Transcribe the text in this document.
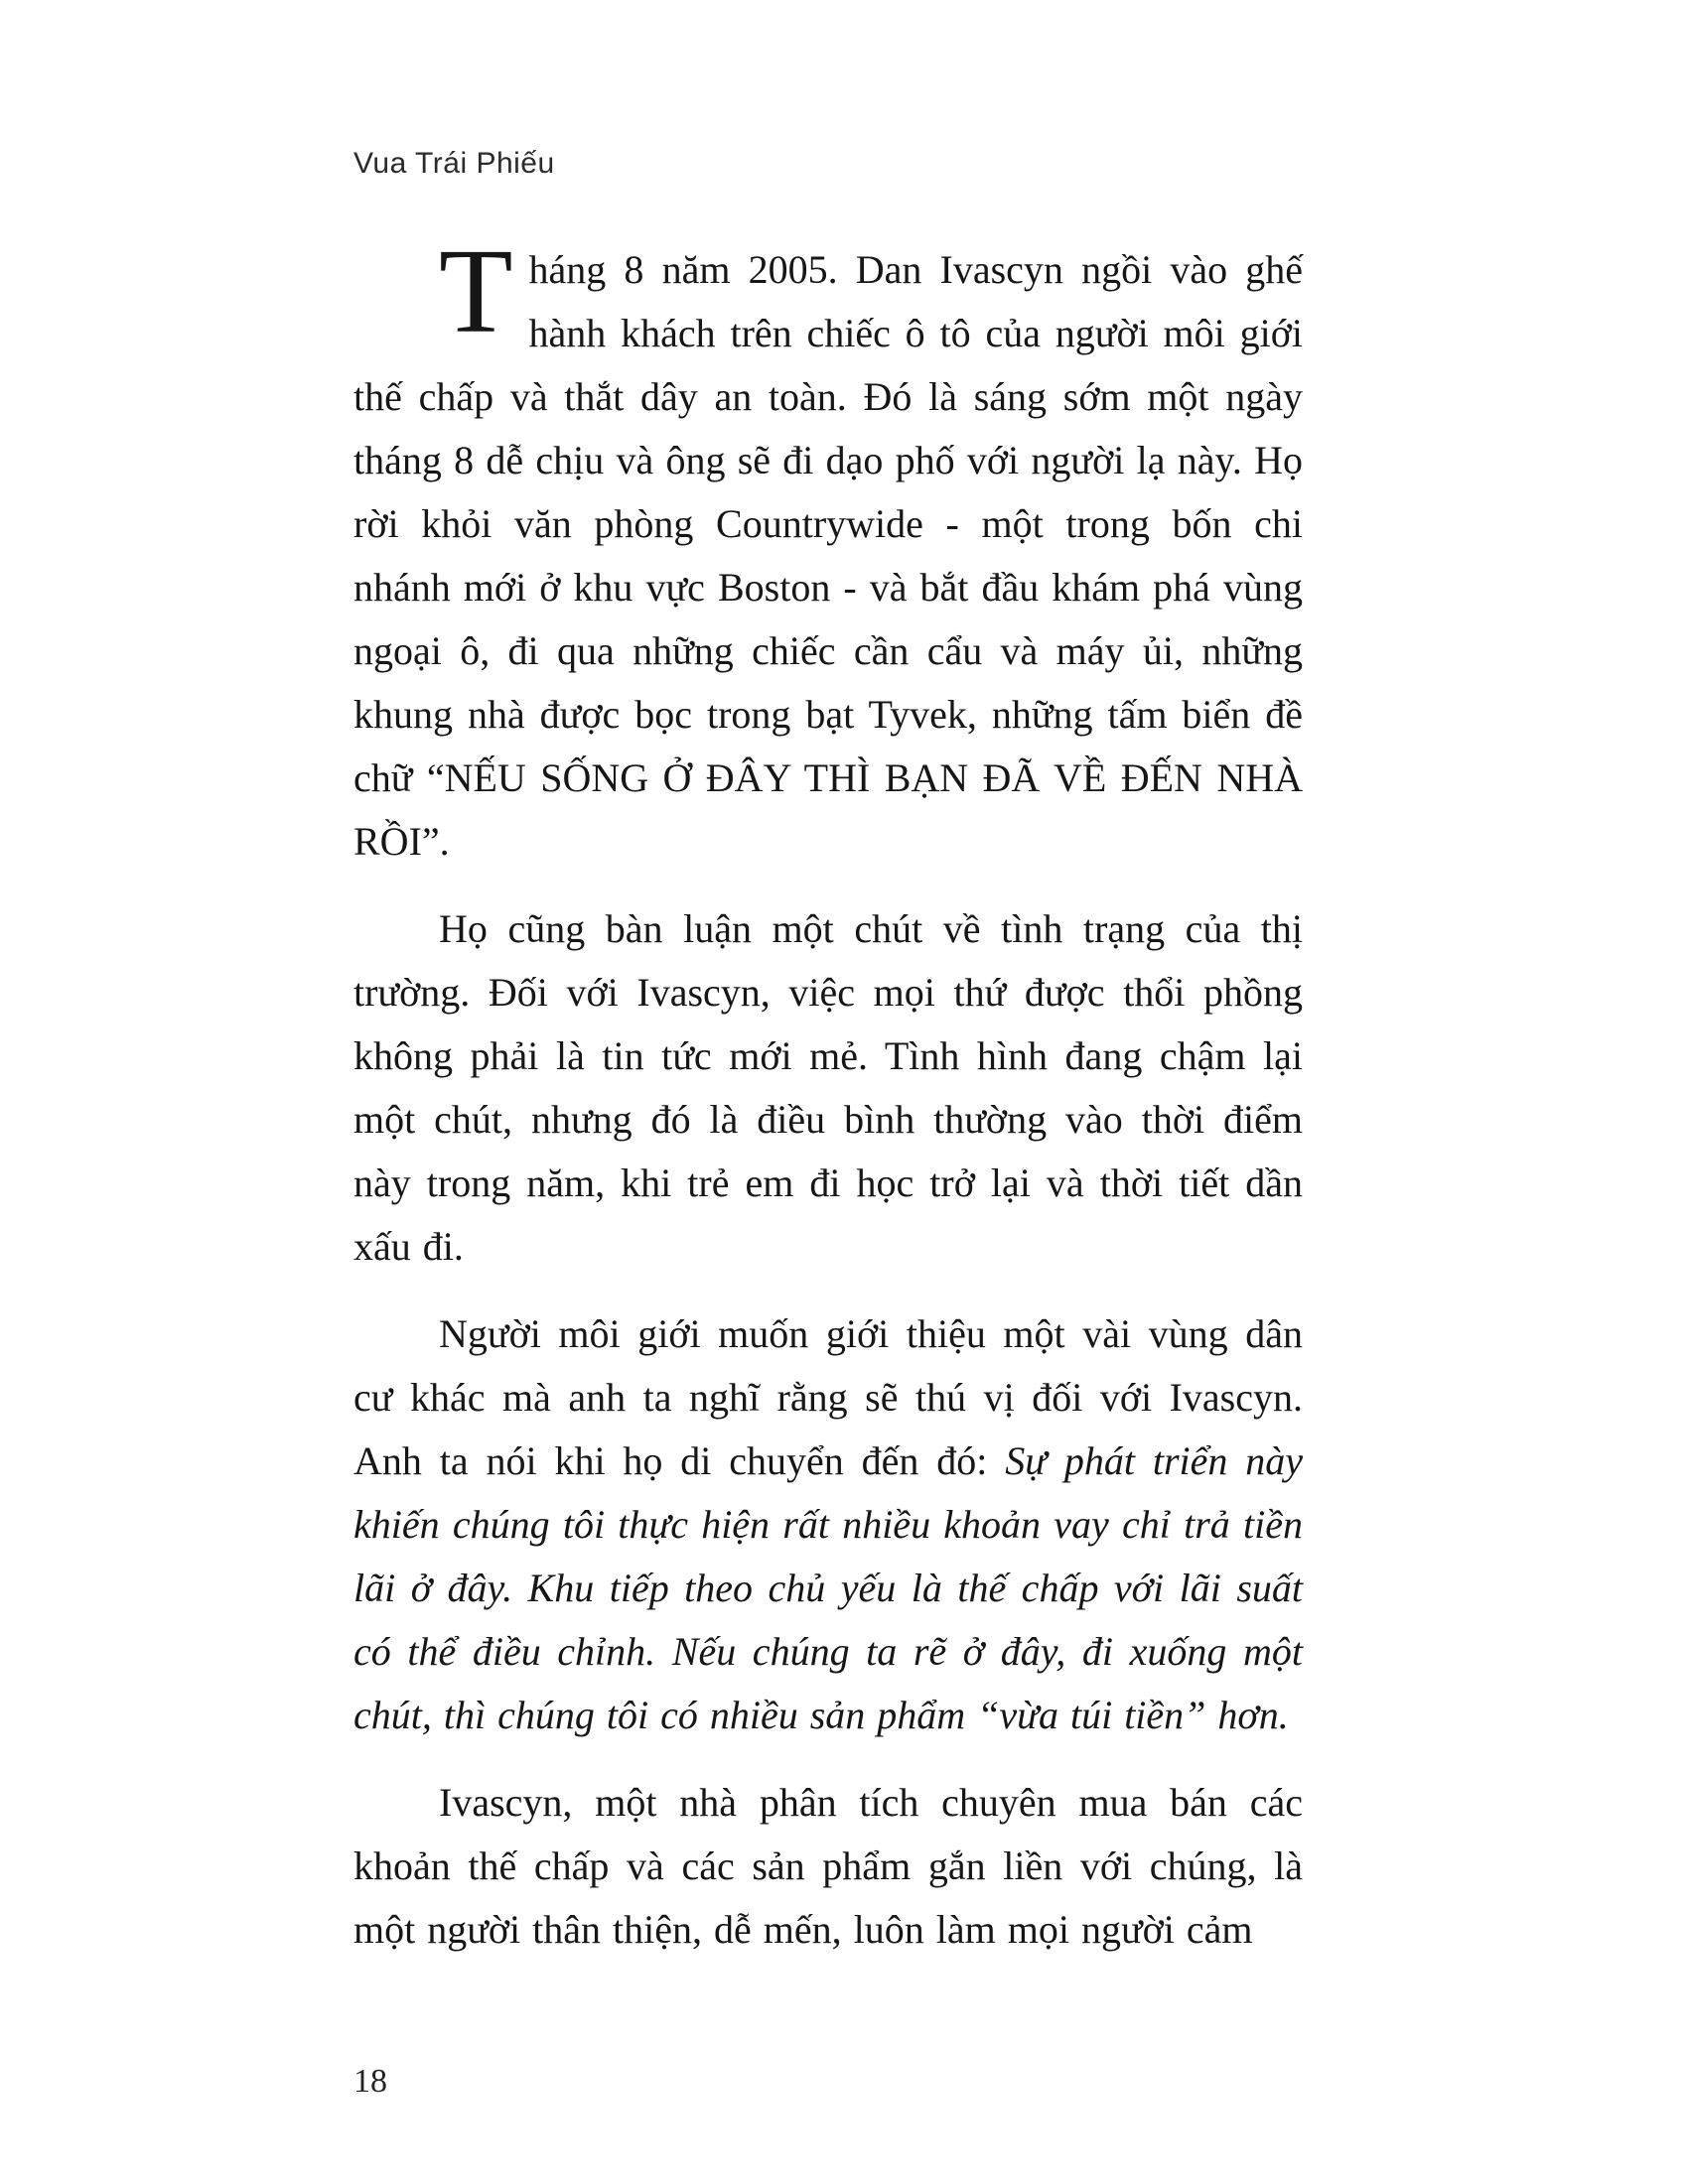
Vua Trái Phiếu

Tháng 8 năm 2005. Dan Ivascyn ngồi vào ghế hành khách trên chiếc ô tô của người môi giới thế chấp và thắt dây an toàn. Đó là sáng sớm một ngày tháng 8 dễ chịu và ông sẽ đi dạo phố với người lạ này. Họ rời khỏi văn phòng Countrywide - một trong bốn chi nhánh mới ở khu vực Boston - và bắt đầu khám phá vùng ngoại ô, đi qua những chiếc cần cẩu và máy ủi, những khung nhà được bọc trong bạt Tyvek, những tấm biển đề chữ “NẾU SỐNG Ở ĐÂY THÌ BẠN ĐÃ VỀ ĐẾN NHÀ RỒI”.

Họ cũng bàn luận một chút về tình trạng của thị trường. Đối với Ivascyn, việc mọi thứ được thổi phồng không phải là tin tức mới mẻ. Tình hình đang chậm lại một chút, nhưng đó là điều bình thường vào thời điểm này trong năm, khi trẻ em đi học trở lại và thời tiết dần xấu đi.

Người môi giới muốn giới thiệu một vài vùng dân cư khác mà anh ta nghĩ rằng sẽ thú vị đối với Ivascyn. Anh ta nói khi họ di chuyển đến đó: Sự phát triển này khiến chúng tôi thực hiện rất nhiều khoản vay chỉ trả tiền lãi ở đây. Khu tiếp theo chủ yếu là thế chấp với lãi suất có thể điều chỉnh. Nếu chúng ta rẽ ở đây, đi xuống một chút, thì chúng tôi có nhiều sản phẩm “vừa túi tiền” hơn.

Ivascyn, một nhà phân tích chuyên mua bán các khoản thế chấp và các sản phẩm gắn liền với chúng, là một người thân thiện, dễ mến, luôn làm mọi người cảm

18
